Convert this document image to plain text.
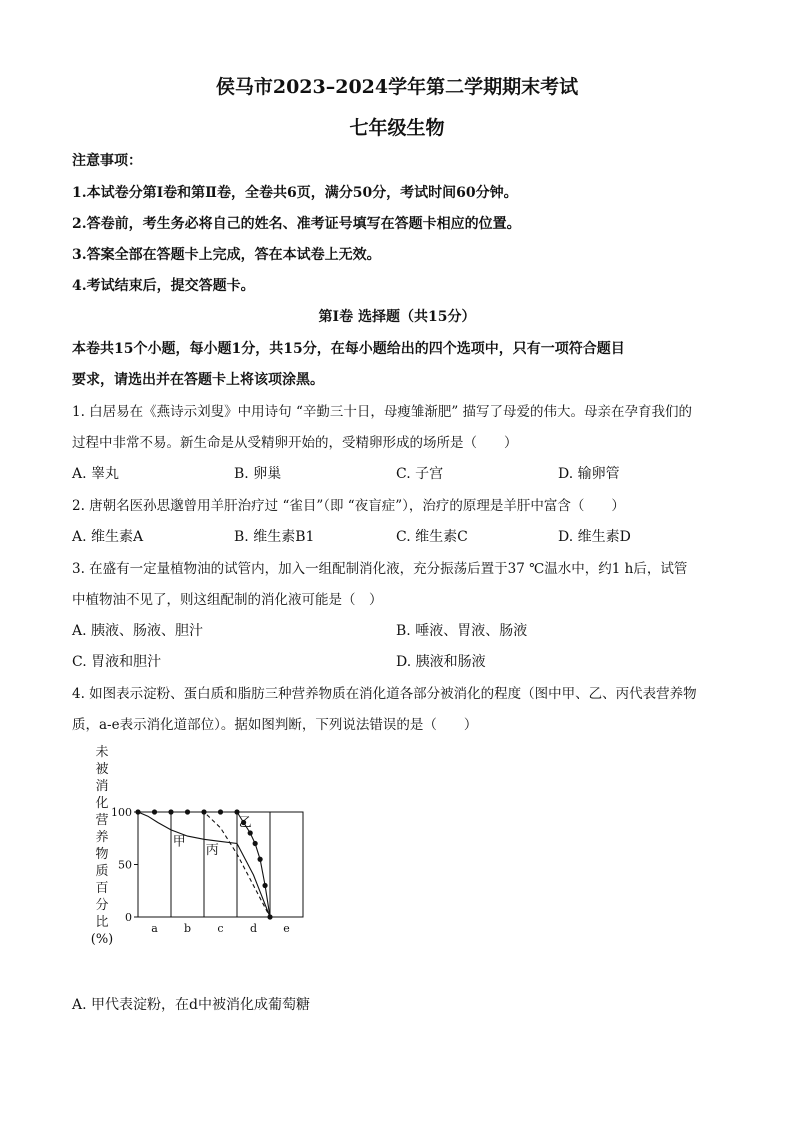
侯马市2023–2024学年第二学期期末考试
七年级生物
注意事项：
1.本试卷分第Ⅰ卷和第Ⅱ卷，全卷共6页，满分50分，考试时间60分钟。
2.答卷前，考生务必将自己的姓名、准考证号填写在答题卡相应的位置。
3.答案全部在答题卡上完成，答在本试卷上无效。
4.考试结束后，提交答题卡。
第Ⅰ卷 选择题（共15分）
本卷共15个小题，每小题1分，共15分，在每小题给出的四个选项中，只有一项符合题目
要求，请选出并在答题卡上将该项涂黑。
1. 白居易在《燕诗示刘叟》中用诗句 “辛勤三十日，母瘦雏渐肥” 描写了母爱的伟大。母亲在孕育我们的
过程中非常不易。新生命是从受精卵开始的，受精卵形成的场所是（　　）
A. 睾丸	B. 卵巢	C. 子宫	D. 输卵管
2. 唐朝名医孙思邈曾用羊肝治疗过 “雀目”（即 “夜盲症”），治疗的原理是羊肝中富含（　　）
A. 维生素A	B. 维生素B1	C. 维生素C	D. 维生素D
3. 在盛有一定量植物油的试管内，加入一组配制消化液，充分振荡后置于37 ℃温水中，约1 h后，试管
中植物油不见了，则这组配制的消化液可能是（　）
A. 胰液、肠液、胆汁	B. 唾液、胃液、肠液
C. 胃液和胆汁	D. 胰液和肠液
4. 如图表示淀粉、蛋白质和脂肪三种营养物质在消化道各部分被消化的程度（图中甲、乙、丙代表营养物
质，a-e表示消化道部位）。据如图判断，下列说法错误的是（　　）
未
被
消
化
营
养
物
质
百
分
比
(%)
100
50
0
a b c d e
甲
丙
乙
A. 甲代表淀粉，在d中被消化成葡萄糖
